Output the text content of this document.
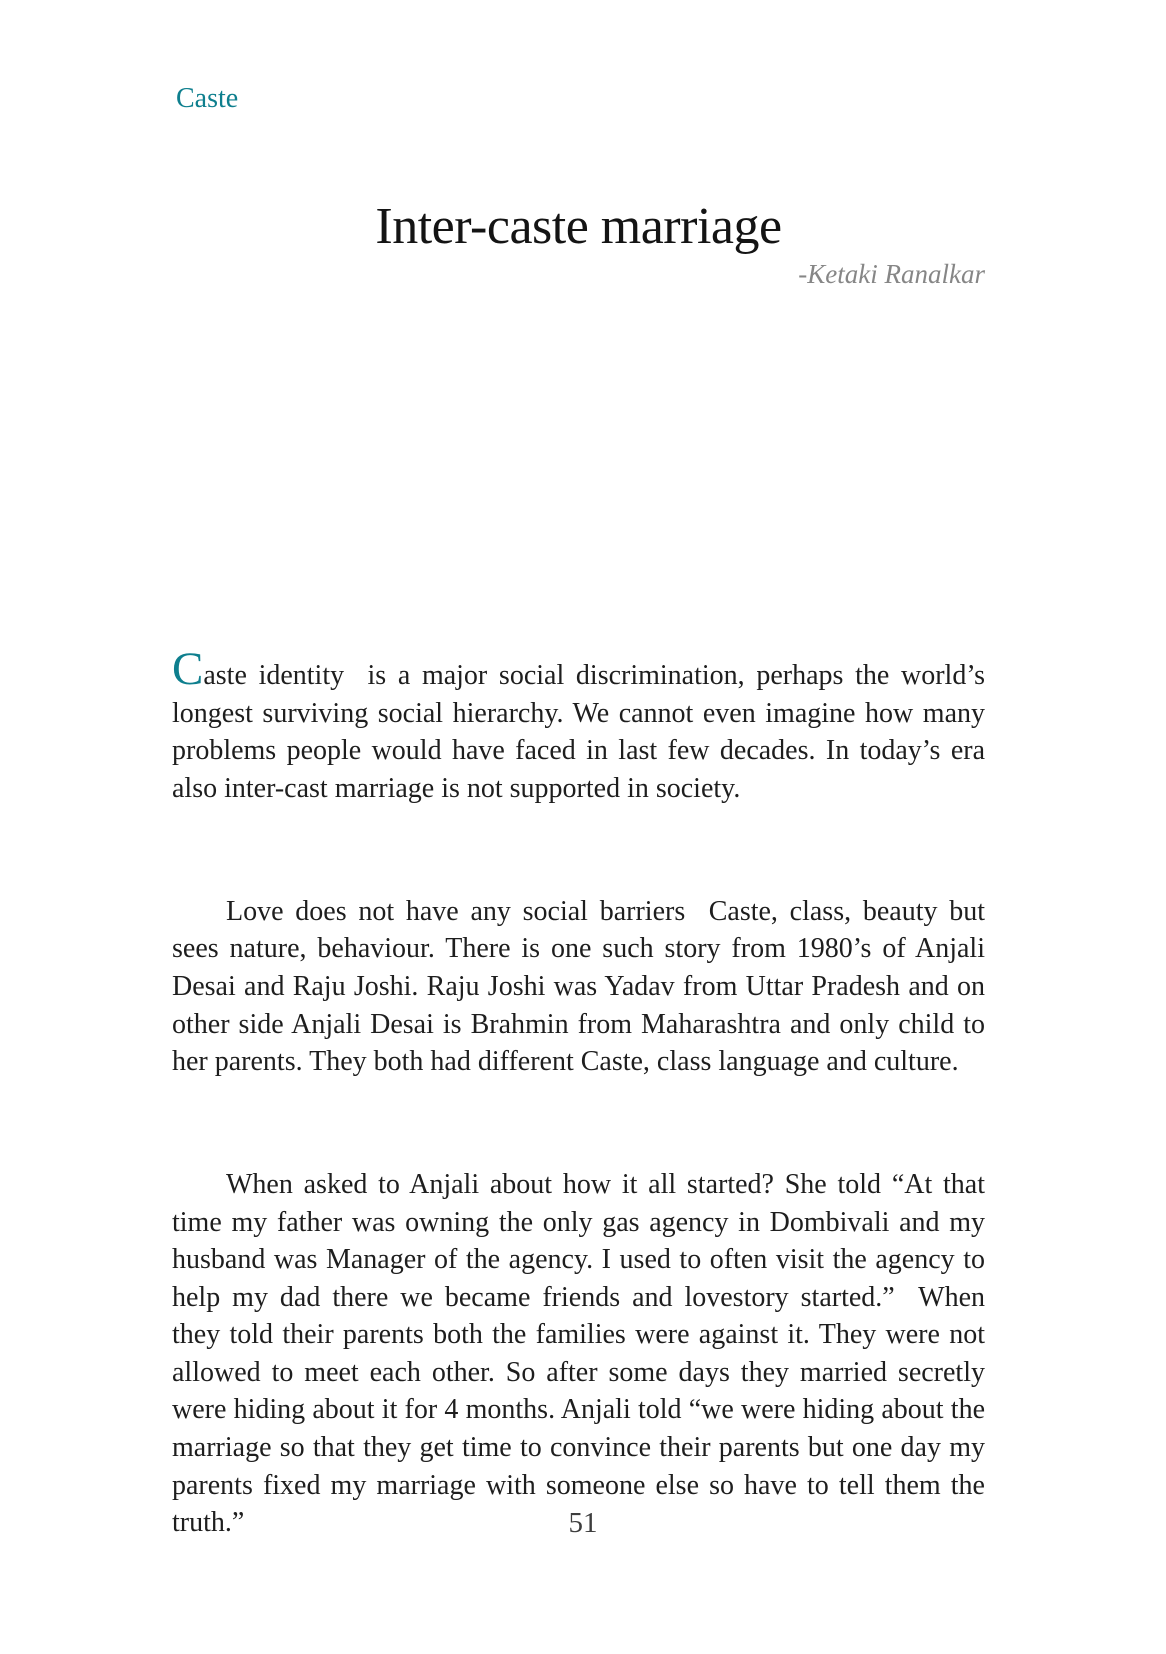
Caste
Inter-caste marriage
-Ketaki Ranalkar

Caste identity  is a major social discrimination, perhaps the world’s longest surviving social hierarchy. We cannot even imagine how many problems people would have faced in last few decades. In today’s era also inter-cast marriage is not supported in society.

Love does not have any social barriers  Caste, class, beauty but sees nature, behaviour. There is one such story from 1980’s of Anjali Desai and Raju Joshi. Raju Joshi was Yadav from Uttar Pradesh and on other side Anjali Desai is Brahmin from Maharashtra and only child to her parents. They both had different Caste, class language and culture.

When asked to Anjali about how it all started? She told “At that time my father was owning the only gas agency in Dombivali and my husband was Manager of the agency. I used to often visit the agency to help my dad there we became friends and lovestory started.”  When they told their parents both the families were against it. They were not allowed to meet each other. So after some days they married secretly were hiding about it for 4 months. Anjali told “we were hiding about the marriage so that they get time to convince their parents but one day my parents fixed my marriage with someone else so have to tell them the truth.”

	51
